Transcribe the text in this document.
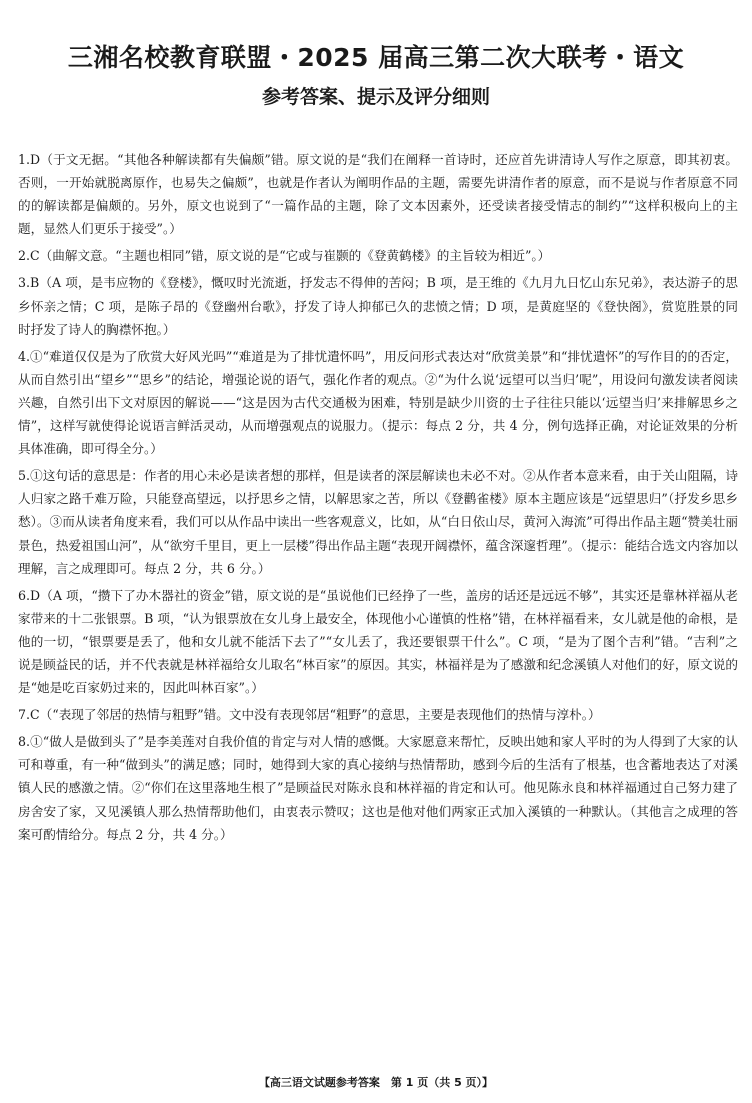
三湘名校教育联盟・2025 届高三第二次大联考・语文
参考答案、提示及评分细则
1.D（于文无据。“其他各种解读都有失偏颇”错。原文说的是“我们在阐释一首诗时，还应首先讲清诗人写作之原意，即其初衷。否则，一开始就脱离原作，也易失之偏颇”，也就是作者认为阐明作品的主题，需要先讲清作者的原意，而不是说与作者原意不同的的解读都是偏颇的。另外，原文也说到了“一篇作品的主题，除了文本因素外，还受读者接受情志的制约”“这样积极向上的主题，显然人们更乐于接受”。）
2.C（曲解文意。“主题也相同”错，原文说的是“它或与崔颢的《登黄鹤楼》的主旨较为相近”。）
3.B（A 项，是韦应物的《登楼》，慨叹时光流逝，抒发志不得伸的苦闷；B 项，是王维的《九月九日忆山东兄弟》，表达游子的思乡怀亲之情；C 项，是陈子昂的《登幽州台歌》，抒发了诗人抑郁已久的悲愤之情；D 项，是黄庭坚的《登快阁》，赏览胜景的同时抒发了诗人的胸襟怀抱。）
4.①“难道仅仅是为了欣赏大好风光吗”“难道是为了排忧遣怀吗”，用反问形式表达对“欣赏美景”和“排忧遣怀”的写作目的的否定，从而自然引出“望乡”“思乡”的结论，增强论说的语气，强化作者的观点。②“为什么说‘远望可以当归’呢”，用设问句激发读者阅读兴趣，自然引出下文对原因的解说——“这是因为古代交通极为困难，特别是缺少川资的士子往往只能以‘远望当归’来排解思乡之情”，这样写就使得论说语言鲜活灵动，从而增强观点的说服力。（提示：每点 2 分，共 4 分，例句选择正确，对论证效果的分析具体准确，即可得全分。）
5.①这句话的意思是：作者的用心未必是读者想的那样，但是读者的深层解读也未必不对。②从作者本意来看，由于关山阻隔，诗人归家之路千难万险，只能登高望远，以抒思乡之情，以解思家之苦，所以《登鹳雀楼》原本主题应该是“远望思归”（抒发乡思乡愁）。③而从读者角度来看，我们可以从作品中读出一些客观意义，比如，从“白日依山尽，黄河入海流”可得出作品主题“赞美壮丽景色，热爱祖国山河”，从“欲穷千里目，更上一层楼”得出作品主题“表现开阔襟怀，蕴含深邃哲理”。（提示：能结合选文内容加以理解，言之成理即可。每点 2 分，共 6 分。）
6.D（A 项，“攒下了办木器社的资金”错，原文说的是“虽说他们已经挣了一些，盖房的话还是远远不够”，其实还是靠林祥福从老家带来的十二张银票。B 项，“认为银票放在女儿身上最安全，体现他小心谨慎的性格”错，在林祥福看来，女儿就是他的命根，是他的一切，“银票要是丢了，他和女儿就不能活下去了”“女儿丢了，我还要银票干什么”。C 项，“是为了图个吉利”错。“吉利”之说是顾益民的话，并不代表就是林祥福给女儿取名“林百家”的原因。其实，林福祥是为了感激和纪念溪镇人对他们的好，原文说的是“她是吃百家奶过来的，因此叫林百家”。）
7.C（“表现了邻居的热情与粗野”错。文中没有表现邻居“粗野”的意思，主要是表现他们的热情与淳朴。）
8.①“做人是做到头了”是李美莲对自我价值的肯定与对人情的感慨。大家愿意来帮忙，反映出她和家人平时的为人得到了大家的认可和尊重，有一种“做到头”的满足感；同时，她得到大家的真心接纳与热情帮助，感到今后的生活有了根基，也含蓄地表达了对溪镇人民的感激之情。②“你们在这里落地生根了”是顾益民对陈永良和林祥福的肯定和认可。他见陈永良和林祥福通过自己努力建了房舍安了家，又见溪镇人那么热情帮助他们，由衷表示赞叹；这也是他对他们两家正式加入溪镇的一种默认。（其他言之成理的答案可酌情给分。每点 2 分，共 4 分。）
【高三语文试题参考答案　第 1 页（共 5 页）】
